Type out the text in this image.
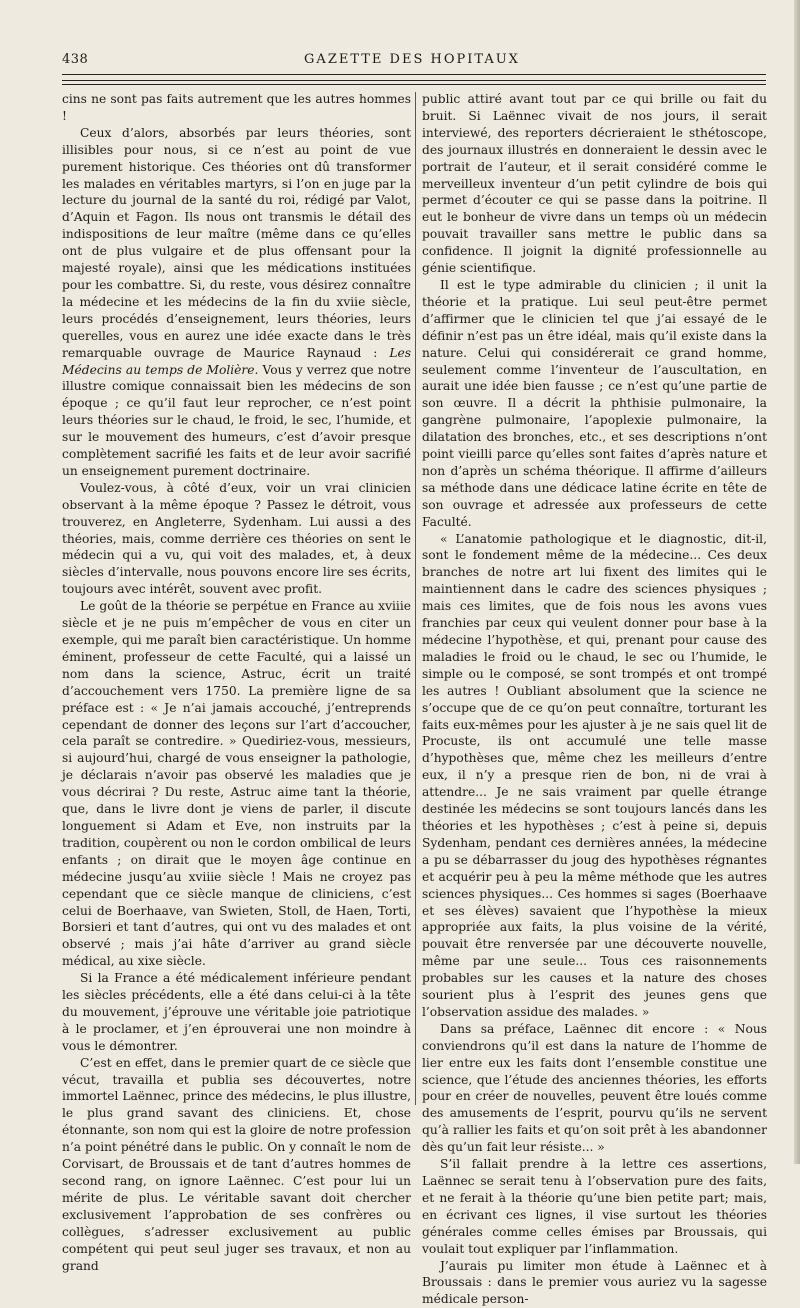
438	GAZETTE DES HOPITAUX

cins ne sont pas faits autrement que les autres hommes !

Ceux d’alors, absorbés par leurs théories, sont illisibles pour nous, si ce n’est au point de vue purement historique. Ces théories ont dû transformer les malades en véritables martyrs, si l’on en juge par la lecture du journal de la santé du roi, rédigé par Valot, d’Aquin et Fagon. Ils nous ont transmis le détail des indispositions de leur maître (même dans ce qu’elles ont de plus vulgaire et de plus offensant pour la majesté royale), ainsi que les médications instituées pour les combattre. Si, du reste, vous désirez connaître la médecine et les médecins de la fin du xviie siècle, leurs procédés d’enseignement, leurs théories, leurs querelles, vous en aurez une idée exacte dans le très remarquable ouvrage de Maurice Raynaud : Les Médecins au temps de Molière. Vous y verrez que notre illustre comique connaissait bien les médecins de son époque ; ce qu’il faut leur reprocher, ce n’est point leurs théories sur le chaud, le froid, le sec, l’humide, et sur le mouvement des humeurs, c’est d’avoir presque complètement sacrifié les faits et de leur avoir sacrifié un enseignement purement doctrinaire.

Voulez-vous, à côté d’eux, voir un vrai clinicien observant à la même époque ? Passez le détroit, vous trouverez, en Angleterre, Sydenham. Lui aussi a des théories, mais, comme derrière ces théories on sent le médecin qui a vu, qui voit des malades, et, à deux siècles d’intervalle, nous pouvons encore lire ses écrits, toujours avec intérêt, souvent avec profit.

Le goût de la théorie se perpétue en France au xviiie siècle et je ne puis m’empêcher de vous en citer un exemple, qui me paraît bien caractéristique. Un homme éminent, professeur de cette Faculté, qui a laissé un nom dans la science, Astruc, écrit un traité d’accouchement vers 1750. La première ligne de sa préface est : « Je n’ai jamais accouché, j’entreprends cependant de donner des leçons sur l’art d’accoucher, cela paraît se contredire. » Quediriez-vous, messieurs, si aujourd’hui, chargé de vous enseigner la pathologie, je déclarais n’avoir pas observé les maladies que je vous décrirai ? Du reste, Astruc aime tant la théorie, que, dans le livre dont je viens de parler, il discute longuement si Adam et Eve, non instruits par la tradition, coupèrent ou non le cordon ombilical de leurs enfants ; on dirait que le moyen âge continue en médecine jusqu’au xviiie siècle ! Mais ne croyez pas cependant que ce siècle manque de cliniciens, c’est celui de Boerhaave, van Swieten, Stoll, de Haen, Torti, Borsieri et tant d’autres, qui ont vu des malades et ont observé ; mais j’ai hâte d’arriver au grand siècle médical, au xixe siècle.

Si la France a été médicalement inférieure pendant les siècles précédents, elle a été dans celui-ci à la tête du mouvement, j’éprouve une véritable joie patriotique à le proclamer, et j’en éprouverai une non moindre à vous le démontrer.

C’est en effet, dans le premier quart de ce siècle que vécut, travailla et publia ses découvertes, notre immortel Laënnec, prince des médecins, le plus illustre, le plus grand savant des cliniciens. Et, chose étonnante, son nom qui est la gloire de notre profession n’a point pénétré dans le public. On y connaît le nom de Corvisart, de Broussais et de tant d’autres hommes de second rang, on ignore Laënnec. C’est pour lui un mérite de plus. Le véritable savant doit chercher exclusivement l’approbation de ses confrères ou collègues, s’adresser exclusivement au public compétent qui peut seul juger ses travaux, et non au grand

public attiré avant tout par ce qui brille ou fait du bruit. Si Laënnec vivait de nos jours, il serait interviewé, des reporters décrieraient le sthétoscope, des journaux illustrés en donneraient le dessin avec le portrait de l’auteur, et il serait considéré comme le merveilleux inventeur d’un petit cylindre de bois qui permet d’écouter ce qui se passe dans la poitrine. Il eut le bonheur de vivre dans un temps où un médecin pouvait travailler sans mettre le public dans sa confidence. Il joignit la dignité professionnelle au génie scientifique.

Il est le type admirable du clinicien ; il unit la théorie et la pratique. Lui seul peut-être permet d’affirmer que le clinicien tel que j’ai essayé de le définir n’est pas un être idéal, mais qu’il existe dans la nature. Celui qui considérerait ce grand homme, seulement comme l’inventeur de l’auscultation, en aurait une idée bien fausse ; ce n’est qu’une partie de son œuvre. Il a décrit la phthisie pulmonaire, la gangrène pulmonaire, l’apoplexie pulmonaire, la dilatation des bronches, etc., et ses descriptions n’ont point vieilli parce qu’elles sont faites d’après nature et non d’après un schéma théorique. Il affirme d’ailleurs sa méthode dans une dédicace latine écrite en tête de son ouvrage et adressée aux professeurs de cette Faculté.

« L’anatomie pathologique et le diagnostic, dit-il, sont le fondement même de la médecine... Ces deux branches de notre art lui fixent des limites qui le maintiennent dans le cadre des sciences physiques ; mais ces limites, que de fois nous les avons vues franchies par ceux qui veulent donner pour base à la médecine l’hypothèse, et qui, prenant pour cause des maladies le froid ou le chaud, le sec ou l’humide, le simple ou le composé, se sont trompés et ont trompé les autres ! Oubliant absolument que la science ne s’occupe que de ce qu’on peut connaître, torturant les faits eux-mêmes pour les ajuster à je ne sais quel lit de Procuste, ils ont accumulé une telle masse d’hypothèses que, même chez les meilleurs d’entre eux, il n’y a presque rien de bon, ni de vrai à attendre... Je ne sais vraiment par quelle étrange destinée les médecins se sont toujours lancés dans les théories et les hypothèses ; c’est à peine si, depuis Sydenham, pendant ces dernières années, la médecine a pu se débarrasser du joug des hypothèses régnantes et acquérir peu à peu la même méthode que les autres sciences physiques... Ces hommes si sages (Boerhaave et ses élèves) savaient que l’hypothèse la mieux appropriée aux faits, la plus voisine de la vérité, pouvait être renversée par une découverte nouvelle, même par une seule... Tous ces raisonnements probables sur les causes et la nature des choses sourient plus à l’esprit des jeunes gens que l’observation assidue des malades. »

Dans sa préface, Laënnec dit encore : « Nous conviendrons qu’il est dans la nature de l’homme de lier entre eux les faits dont l’ensemble constitue une science, que l’étude des anciennes théories, les efforts pour en créer de nouvelles, peuvent être loués comme des amusements de l’esprit, pourvu qu’ils ne servent qu’à rallier les faits et qu’on soit prêt à les abandonner dès qu’un fait leur résiste... »

S’il fallait prendre à la lettre ces assertions, Laënnec se serait tenu à l’observation pure des faits, et ne ferait à la théorie qu’une bien petite part; mais, en écrivant ces lignes, il vise surtout les théories générales comme celles émises par Broussais, qui voulait tout expliquer par l’inflammation.

J’aurais pu limiter mon étude à Laënnec et à Broussais : dans le premier vous auriez vu la sagesse médicale person-
